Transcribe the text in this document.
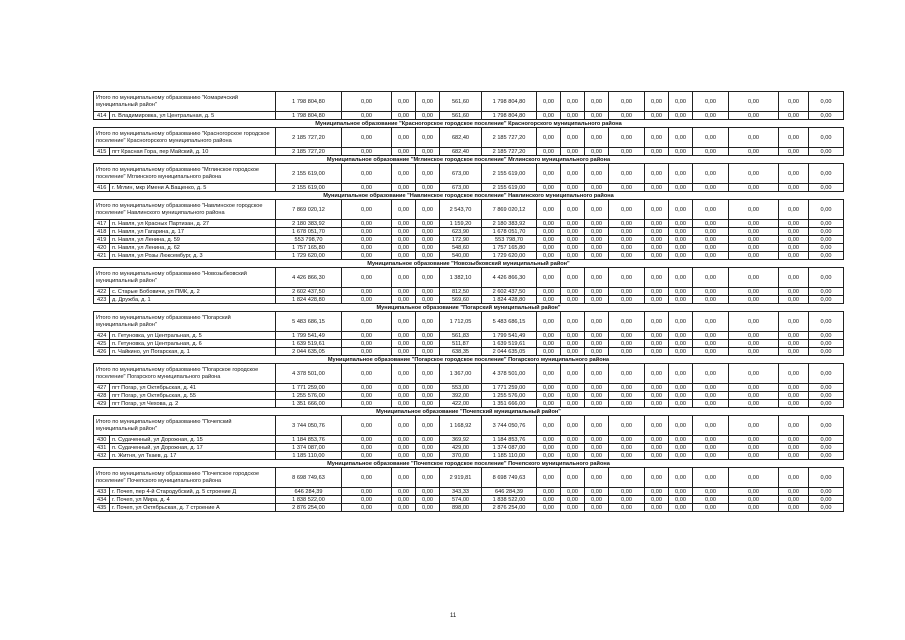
Итого по муниципальному образованию "Комаричский муниципальный район"		1 798 804,80	0,00	0,00	0,00	561,60	1 798 804,80	0,00	0,00	0,00	0,00	0,00	0,00	0,00	0,00	0,00	0,00
414	п. Владимировка, ул Центральная, д. 5	1 798 804,80	0,00	0,00	0,00	561,60	1 798 804,80	0,00	0,00	0,00	0,00	0,00	0,00	0,00	0,00	0,00	0,00
Муниципальное образование "Красногорское городское поселение" Красногорского муниципального района																	
Итого по муниципальному образованию "Красногорское городское поселение" Красногорского муниципального района		2 185 727,20	0,00	0,00	0,00	682,40	2 185 727,20	0,00	0,00	0,00	0,00	0,00	0,00	0,00	0,00	0,00	0,00
415	пгт Красная Гора, пер Майский, д. 10	2 185 727,20	0,00	0,00	0,00	682,40	2 185 727,20	0,00	0,00	0,00	0,00	0,00	0,00	0,00	0,00	0,00	0,00
Муниципальное образование "Мглинское городское поселение" Мглинского муниципального района																	
Итого по муниципальному образованию "Мглинское городское поселение" Мглинского муниципального района		2 155 619,00	0,00	0,00	0,00	673,00	2 155 619,00	0,00	0,00	0,00	0,00	0,00	0,00	0,00	0,00	0,00	0,00
416	г. Мглин, мкр Имени А.Ващенко, д. 5	2 155 619,00	0,00	0,00	0,00	673,00	2 155 619,00	0,00	0,00	0,00	0,00	0,00	0,00	0,00	0,00	0,00	0,00
Муниципальное образование "Навлинское городское поселение" Навлинского муниципального района																	
Итого по муниципальному образованию "Навлинское городское поселение" Навлинского муниципального района		7 869 020,12	0,00	0,00	0,00	2 543,70	7 869 020,12	0,00	0,00	0,00	0,00	0,00	0,00	0,00	0,00	0,00	0,00
417	п. Навля, ул Красных Партизан, д. 27	2 180 383,92	0,00	0,00	0,00	1 159,20	2 180 383,92	0,00	0,00	0,00	0,00	0,00	0,00	0,00	0,00	0,00	0,00
418	п. Навля, ул Гагарина, д. 17	1 678 051,70	0,00	0,00	0,00	623,90	1 678 051,70	0,00	0,00	0,00	0,00	0,00	0,00	0,00	0,00	0,00	0,00
419	п. Навля, ул Ленина, д. 59	553 798,70	0,00	0,00	0,00	172,90	553 798,70	0,00	0,00	0,00	0,00	0,00	0,00	0,00	0,00	0,00	0,00
420	п. Навля, ул Ленина, д. 62	1 757 165,80	0,00	0,00	0,00	548,60	1 757 165,80	0,00	0,00	0,00	0,00	0,00	0,00	0,00	0,00	0,00	0,00
421	п. Навля, ул Розы Люксембург, д. 3	1 729 620,00	0,00	0,00	0,00	540,00	1 729 620,00	0,00	0,00	0,00	0,00	0,00	0,00	0,00	0,00	0,00	0,00
Муниципальное образование "Новозыбковский муниципальный район"																	
Итого по муниципальному образованию "Новозыбковский муниципальный район"		4 426 866,30	0,00	0,00	0,00	1 382,10	4 426 866,30	0,00	0,00	0,00	0,00	0,00	0,00	0,00	0,00	0,00	0,00
422	с. Старые Бобовичи, ул ПМК, д. 2	2 602 437,50	0,00	0,00	0,00	812,50	2 602 437,50	0,00	0,00	0,00	0,00	0,00	0,00	0,00	0,00	0,00	0,00
423	д. Дружба, д. 1	1 824 428,80	0,00	0,00	0,00	569,60	1 824 428,80	0,00	0,00	0,00	0,00	0,00	0,00	0,00	0,00	0,00	0,00
Муниципальное образование "Погарский муниципальный район"																	
Итого по муниципальному образованию "Погарский муниципальный район"		5 483 686,15	0,00	0,00	0,00	1 712,05	5 483 686,15	0,00	0,00	0,00	0,00	0,00	0,00	0,00	0,00	0,00	0,00
424	п. Гетуновка, ул Центральная, д. 5	1 799 541,49	0,00	0,00	0,00	561,83	1 799 541,49	0,00	0,00	0,00	0,00	0,00	0,00	0,00	0,00	0,00	0,00
425	п. Гетуновка, ул Центральная, д. 6	1 639 519,61	0,00	0,00	0,00	511,87	1 639 519,61	0,00	0,00	0,00	0,00	0,00	0,00	0,00	0,00	0,00	0,00
426	п. Чайкино, ул Погарская, д. 1	2 044 635,05	0,00	0,00	0,00	638,35	2 044 635,05	0,00	0,00	0,00	0,00	0,00	0,00	0,00	0,00	0,00	0,00
Муниципальное образование "Погарское городское поселение" Погарского муниципального района																	
Итого по муниципальному образованию "Погарское городское поселение" Погарского муниципального района		4 378 501,00	0,00	0,00	0,00	1 367,00	4 378 501,00	0,00	0,00	0,00	0,00	0,00	0,00	0,00	0,00	0,00	0,00
427	пгт Погар, ул Октябрьская, д. 41	1 771 259,00	0,00	0,00	0,00	553,00	1 771 259,00	0,00	0,00	0,00	0,00	0,00	0,00	0,00	0,00	0,00	0,00
428	пгт Погар, ул Октябрьская, д. 55	1 255 576,00	0,00	0,00	0,00	392,00	1 255 576,00	0,00	0,00	0,00	0,00	0,00	0,00	0,00	0,00	0,00	0,00
429	пгт Погар, ул Чехова, д. 2	1 351 666,00	0,00	0,00	0,00	422,00	1 351 666,00	0,00	0,00	0,00	0,00	0,00	0,00	0,00	0,00	0,00	0,00
Муниципальное образование "Почепский муниципальный район"																	
Итого по муниципальному образованию "Почепский муниципальный район"		3 744 050,76	0,00	0,00	0,00	1 168,92	3 744 050,76	0,00	0,00	0,00	0,00	0,00	0,00	0,00	0,00	0,00	0,00
430	п. Судаченный, ул Дорожная, д. 15	1 184 853,76	0,00	0,00	0,00	369,92	1 184 853,76	0,00	0,00	0,00	0,00	0,00	0,00	0,00	0,00	0,00	0,00
431	п. Судаченный, ул Дорожная, д. 17	1 374 087,00	0,00	0,00	0,00	429,00	1 374 087,00	0,00	0,00	0,00	0,00	0,00	0,00	0,00	0,00	0,00	0,00
432	п. Житня, ул Ткаев, д. 17	1 185 110,00	0,00	0,00	0,00	370,00	1 185 110,00	0,00	0,00	0,00	0,00	0,00	0,00	0,00	0,00	0,00	0,00
Муниципальное образование "Почепское городское поселение" Почепского муниципального района																	
Итого по муниципальному образованию "Почепское городское поселение" Почепского муниципального района		8 698 749,63	0,00	0,00	0,00	2 919,81	8 698 749,63	0,00	0,00	0,00	0,00	0,00	0,00	0,00	0,00	0,00	0,00
433	г. Почеп, пер 4-й Стародубский, д. 5 строение Д	646 284,39	0,00	0,00	0,00	343,33	646 284,39	0,00	0,00	0,00	0,00	0,00	0,00	0,00	0,00	0,00	0,00
434	г. Почеп, ул Мира, д. 4	1 838 522,00	0,00	0,00	0,00	574,00	1 838 522,00	0,00	0,00	0,00	0,00	0,00	0,00	0,00	0,00	0,00	0,00
435	г. Почеп, ул Октябрьская, д. 7 строение А	2 876 254,00	0,00	0,00	0,00	898,00	2 876 254,00	0,00	0,00	0,00	0,00	0,00	0,00	0,00	0,00	0,00	0,00
11
